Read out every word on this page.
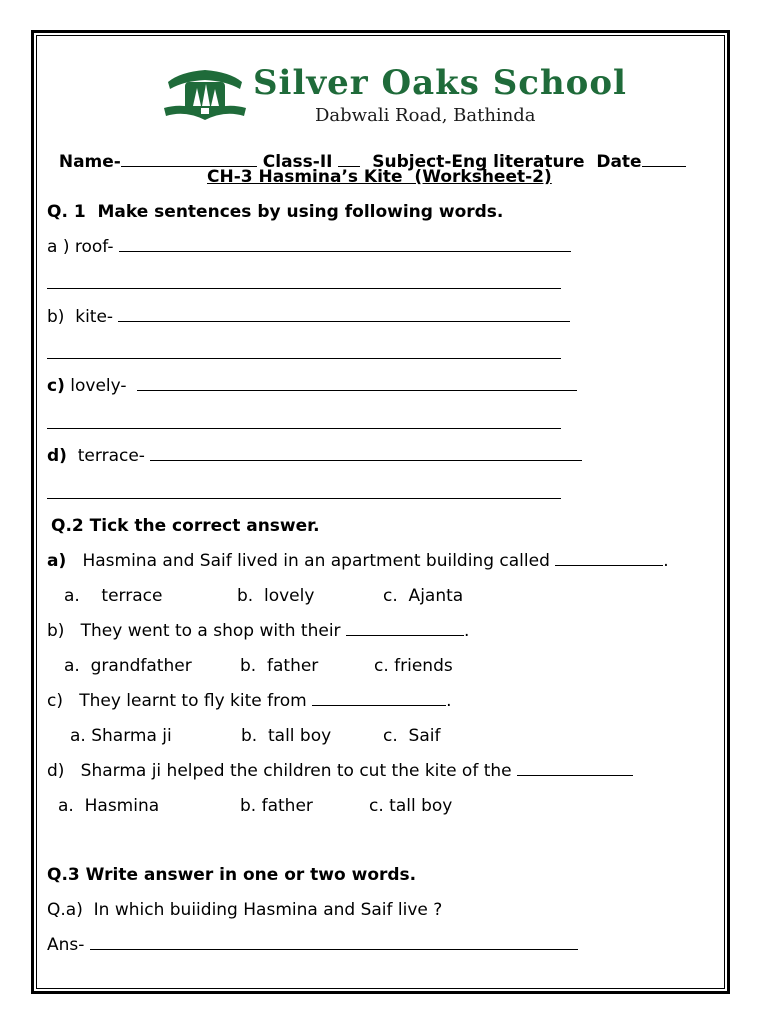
Silver Oaks School
Dabwali Road, Bathinda

Name-	Class-II Subject-Eng literature Date

CH-3 Hasmina’s Kite  (Worksheet-2)
Q. 1  Make sentences by using following words.
a ) roof-
b)  kite-
c) lovely-
d)  terrace-
Q.2 Tick the correct answer.
a)   Hasmina and Saif lived in an apartment building called	.
a.    terrace	b.  lovely	c.  Ajanta
b)   They went to a shop with their	.
a.  grandfather	b.  father	c. friends
c)   They learnt to fly kite from	.
a. Sharma ji	b.  tall boy	c.  Saif
d)   Sharma ji helped the children to cut the kite of the
a.  Hasmina	b. father	c. tall boy
Q.3 Write answer in one or two words.
Q.a)  In which buiiding Hasmina and Saif live ?
Ans-
